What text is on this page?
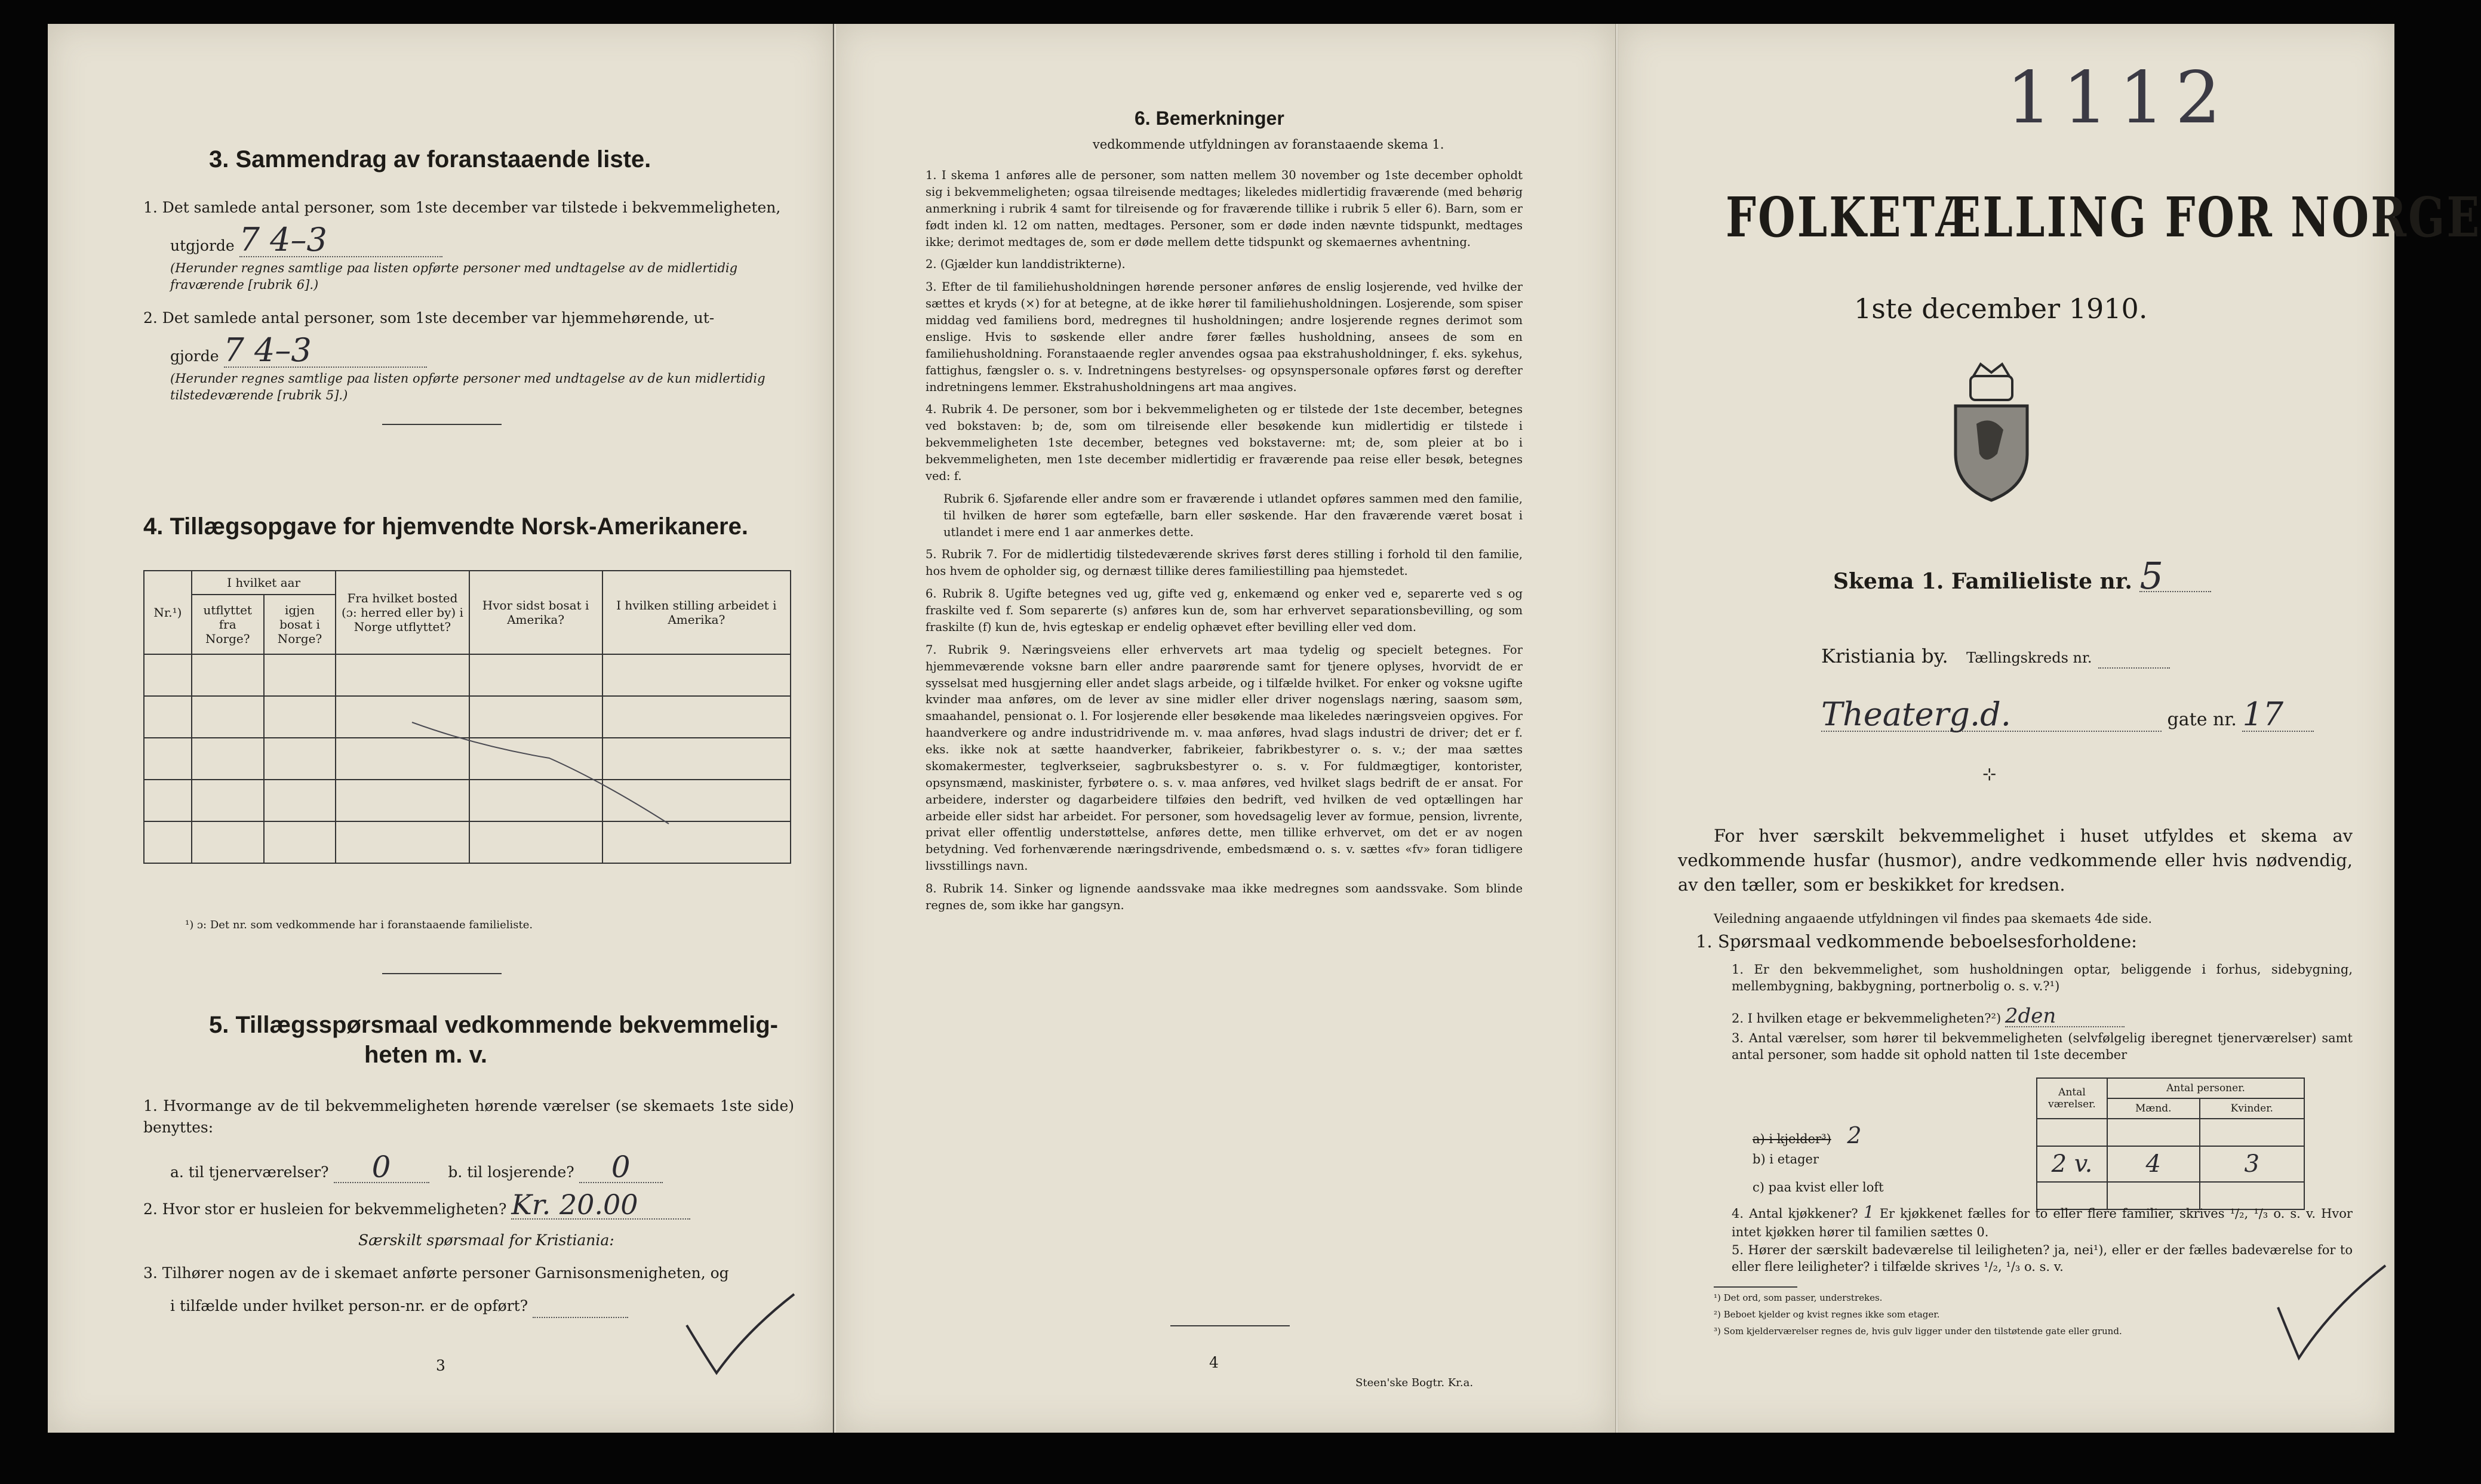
3. Sammendrag av foranstaaende liste.
1. Det samlede antal personer, som 1ste december var tilstede i bekvemmeligheten,
utgjorde 7 4–3
(Herunder regnes samtlige paa listen opførte personer med undtagelse av de midlertidig fraværende [rubrik 6].)
2. Det samlede antal personer, som 1ste december var hjemmehørende, ut-
gjorde 7 4–3
(Herunder regnes samtlige paa listen opførte personer med undtagelse av de kun midlertidig tilstedeværende [rubrik 5].)
4. Tillægsopgave for hjemvendte Norsk-Amerikanere.
Nr.¹)	I hvilket aar		Fra hvilket bosted (ɔ: herred eller by) i Norge utflyttet?	Hvor sidst bosat i Amerika?	I hvilken stilling arbeidet i Amerika?
	utflyttet fra Norge?	igjen bosat i Norge?			

¹) ɔ: Det nr. som vedkommende har i foranstaaende familieliste.
5. Tillægsspørsmaal vedkommende bekvemmelig-
heten m. v.
1. Hvormange av de til bekvemmeligheten hørende værelser (se skemaets 1ste side) benyttes:
a. til tjenerværelser? 0	b. til losjerende? 0
2. Hvor stor er husleien for bekvemmeligheten? Kr. 20.00
Særskilt spørsmaal for Kristiania:
3. Tilhører nogen av de i skemaet anførte personer Garnisonsmenigheten, og
i tilfælde under hvilket person-nr. er de opført?
3
6. Bemerkninger
vedkommende utfyldningen av foranstaaende skema 1.

1. I skema 1 anføres alle de personer, som natten mellem 30 november og 1ste december opholdt sig i bekvemmeligheten; ogsaa tilreisende medtages; likeledes midlertidig fraværende (med behørig anmerkning i rubrik 4 samt for tilreisende og for fraværende tillike i rubrik 5 eller 6). Barn, som er født inden kl. 12 om natten, medtages. Personer, som er døde inden nævnte tidspunkt, medtages ikke; derimot medtages de, som er døde mellem dette tidspunkt og skemaernes avhentning.

2. (Gjælder kun landdistrikterne).

3. Efter de til familiehusholdningen hørende personer anføres de enslig losjerende, ved hvilke der sættes et kryds (×) for at betegne, at de ikke hører til familiehusholdningen. Losjerende, som spiser middag ved familiens bord, medregnes til husholdningen; andre losjerende regnes derimot som enslige. Hvis to søskende eller andre fører fælles husholdning, ansees de som en familiehusholdning. Foranstaaende regler anvendes ogsaa paa ekstrahusholdninger, f. eks. sykehus, fattighus, fængsler o. s. v. Indretningens bestyrelses- og opsynspersonale opføres først og derefter indretningens lemmer. Ekstrahusholdningens art maa angives.

4. Rubrik 4. De personer, som bor i bekvemmeligheten og er tilstede der 1ste december, betegnes ved bokstaven: b; de, som om tilreisende eller besøkende kun midlertidig er tilstede i bekvemmeligheten 1ste december, betegnes ved bokstaverne: mt; de, som pleier at bo i bekvemmeligheten, men 1ste december midlertidig er fraværende paa reise eller besøk, betegnes ved: f.

Rubrik 6. Sjøfarende eller andre som er fraværende i utlandet opføres sammen med den familie, til hvilken de hører som egtefælle, barn eller søskende. Har den fraværende været bosat i utlandet i mere end 1 aar anmerkes dette.

5. Rubrik 7. For de midlertidig tilstedeværende skrives først deres stilling i forhold til den familie, hos hvem de opholder sig, og dernæst tillike deres familiestilling paa hjemstedet.

6. Rubrik 8. Ugifte betegnes ved ug, gifte ved g, enkemænd og enker ved e, separerte ved s og fraskilte ved f. Som separerte (s) anføres kun de, som har erhvervet separationsbevilling, og som fraskilte (f) kun de, hvis egteskap er endelig ophævet efter bevilling eller ved dom.

7. Rubrik 9. Næringsveiens eller erhvervets art maa tydelig og specielt betegnes. For hjemmeværende voksne barn eller andre paarørende samt for tjenere oplyses, hvorvidt de er sysselsat med husgjerning eller andet slags arbeide, og i tilfælde hvilket. For enker og voksne ugifte kvinder maa anføres, om de lever av sine midler eller driver nogenslags næring, saasom søm, smaahandel, pensionat o. l. For losjerende eller besøkende maa likeledes næringsveien opgives. For haandverkere og andre industridrivende m. v. maa anføres, hvad slags industri de driver; det er f. eks. ikke nok at sætte haandverker, fabrikeier, fabrikbestyrer o. s. v.; der maa sættes skomakermester, teglverkseier, sagbruksbestyrer o. s. v. For fuldmægtiger, kontorister, opsynsmænd, maskinister, fyrbøtere o. s. v. maa anføres, ved hvilket slags bedrift de er ansat. For arbeidere, inderster og dagarbeidere tilføies den bedrift, ved hvilken de ved optællingen har arbeide eller sidst har arbeidet. For personer, som hovedsagelig lever av formue, pension, livrente, privat eller offentlig understøttelse, anføres dette, men tillike erhvervet, om det er av nogen betydning. Ved forhenværende næringsdrivende, embedsmænd o. s. v. sættes «fv» foran tidligere livsstillings navn.

8. Rubrik 14. Sinker og lignende aandssvake maa ikke medregnes som aandssvake. Som blinde regnes de, som ikke har gangsyn.

4
Steen'ske Bogtr. Kr.a.
1112
FOLKETÆLLING FOR NORGE
1ste december 1910.
Skema 1. Familieliste nr. 5
Kristiania by. Tællingskreds nr.
Theaterg.d.	gate nr. 17
⊹
For hver særskilt bekvemmelighet i huset utfyldes et skema av vedkommende husfar (husmor), andre vedkommende eller hvis nødvendig, av den tæller, som er beskikket for kredsen.
Veiledning angaaende utfyldningen vil findes paa skemaets 4de side.
1. Spørsmaal vedkommende beboelsesforholdene:
1. Er den bekvemmelighet, som husholdningen optar, beliggende i forhus, sidebygning, mellembygning, bakbygning, portnerbolig o. s. v.?¹)
2. I hvilken etage er bekvemmeligheten?²) 2den
3. Antal værelser, som hører til bekvemmeligheten (selvfølgelig iberegnet tjenerværelser) samt antal personer, som hadde sit ophold natten til 1ste december
Antal værelser.	Antal personer.	
	Mænd.	Kvinder.

2 v.	4	3

a) i kjelder³) 2
b) i etager
c) paa kvist eller loft
4. Antal kjøkkener? 1 Er kjøkkenet fælles for to eller flere familier, skrives ¹/₂, ¹/₃ o. s. v. Hvor intet kjøkken hører til familien sættes 0.
5. Hører der særskilt badeværelse til leiligheten? ja, nei¹), eller er der fælles badeværelse for to eller flere leiligheter? i tilfælde skrives ¹/₂, ¹/₃ o. s. v.
¹) Det ord, som passer, understrekes.
²) Beboet kjelder og kvist regnes ikke som etager.
³) Som kjelderværelser regnes de, hvis gulv ligger under den tilstøtende gate eller grund.
